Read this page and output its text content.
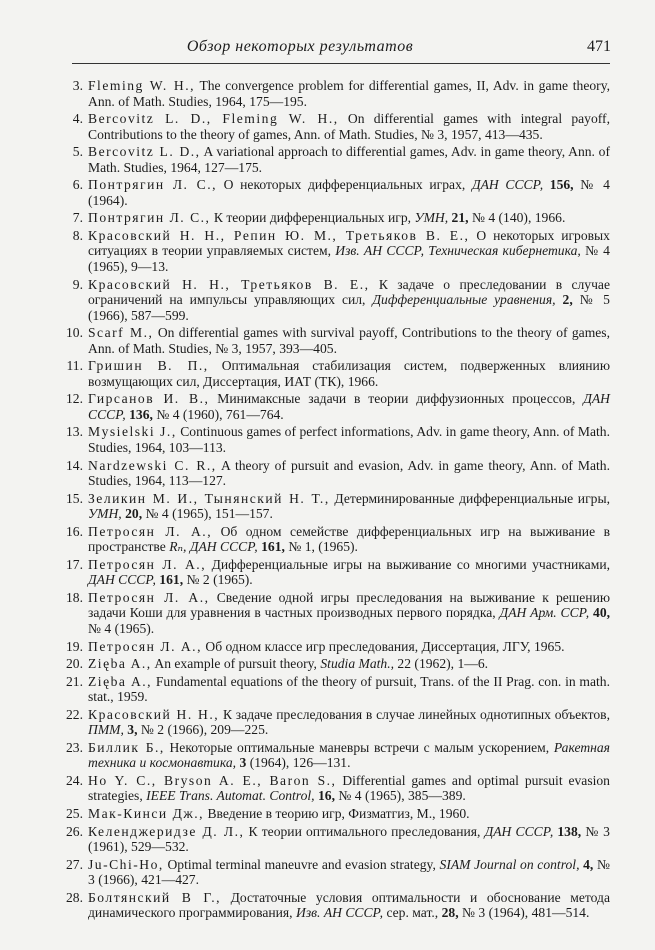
Обзор некоторых результатов	471
3. Fleming W. H., The convergence problem for differential games, II, Adv. in game theory, Ann. of Math. Studies, 1964, 175—195.
4. Bercovitz L. D., Fleming W. H., On differential games with integral payoff, Contributions to the theory of games, Ann. of Math. Studies, № 3, 1957, 413—435.
5. Bercovitz L. D., A variational approach to differential games, Adv. in game theory, Ann. of Math. Studies, 1964, 127—175.
6. Понтрягин Л. С., О некоторых дифференциальных играх, ДАН СССР, 156, № 4 (1964).
7. Понтрягин Л. С., К теории дифференциальных игр, УМН, 21, № 4 (140), 1966.
8. Красовский Н. Н., Репин Ю. М., Третьяков В. Е., О некоторых игровых ситуациях в теории управляемых систем, Изв. АН СССР, Техническая кибернетика, № 4 (1965), 9—13.
9. Красовский Н. Н., Третьяков В. Е., К задаче о преследовании в случае ограничений на импульсы управляющих сил, Дифференциальные уравнения, 2, № 5 (1966), 587—599.
10. Scarf M., On differential games with survival payoff, Contributions to the theory of games, Ann. of Math. Studies, № 3, 1957, 393—405.
11. Гришин В. П., Оптимальная стабилизация систем, подверженных влиянию возмущающих сил, Диссертация, ИАТ (ТК), 1966.
12. Гирсанов И. В., Минимаксные задачи в теории диффузионных процессов, ДАН СССР, 136, № 4 (1960), 761—764.
13. Mysielski J., Continuous games of perfect informations, Adv. in game theory, Ann. of Math. Studies, 1964, 103—113.
14. Nardzewski C. R., A theory of pursuit and evasion, Adv. in game theory, Ann. of Math. Studies, 1964, 113—127.
15. Зеликин М. И., Тынянский Н. Т., Детерминированные дифференциальные игры, УМН, 20, № 4 (1965), 151—157.
16. Петросян Л. А., Об одном семействе дифференциальных игр на выживание в пространстве Rₙ, ДАН СССР, 161, № 1, (1965).
17. Петросян Л. А., Дифференциальные игры на выживание со многими участниками, ДАН СССР, 161, № 2 (1965).
18. Петросян Л. А., Сведение одной игры преследования на выживание к решению задачи Коши для уравнения в частных производных первого порядка, ДАН Арм. ССР, 40, № 4 (1965).
19. Петросян Л. А., Об одном классе игр преследования, Диссертация, ЛГУ, 1965.
20. Zięba A., An example of pursuit theory, Studia Math., 22 (1962), 1—6.
21. Zięba A., Fundamental equations of the theory of pursuit, Trans. of the II Prag. con. in math. stat., 1959.
22. Красовский Н. Н., К задаче преследования в случае линейных однотипных объектов, ПММ, 3, № 2 (1966), 209—225.
23. Биллик Б., Некоторые оптимальные маневры встречи с малым ускорением, Ракетная техника и космонавтика, 3 (1964), 126—131.
24. Ho Y. C., Bryson A. E., Baron S., Differential games and optimal pursuit evasion strategies, IEEE Trans. Automat. Control, 16, № 4 (1965), 385—389.
25. Мак-Кинси Дж., Введение в теорию игр, Физматгиз, М., 1960.
26. Келенджеридзе Д. Л., К теории оптимального преследования, ДАН СССР, 138, № 3 (1961), 529—532.
27. Ju-Chi-Ho, Optimal terminal maneuvre and evasion strategy, SIAM Journal on control, 4, № 3 (1966), 421—427.
28. Болтянский В Г., Достаточные условия оптимальности и обоснование метода динамического программирования, Изв. АН СССР, сер. мат., 28, № 3 (1964), 481—514.
